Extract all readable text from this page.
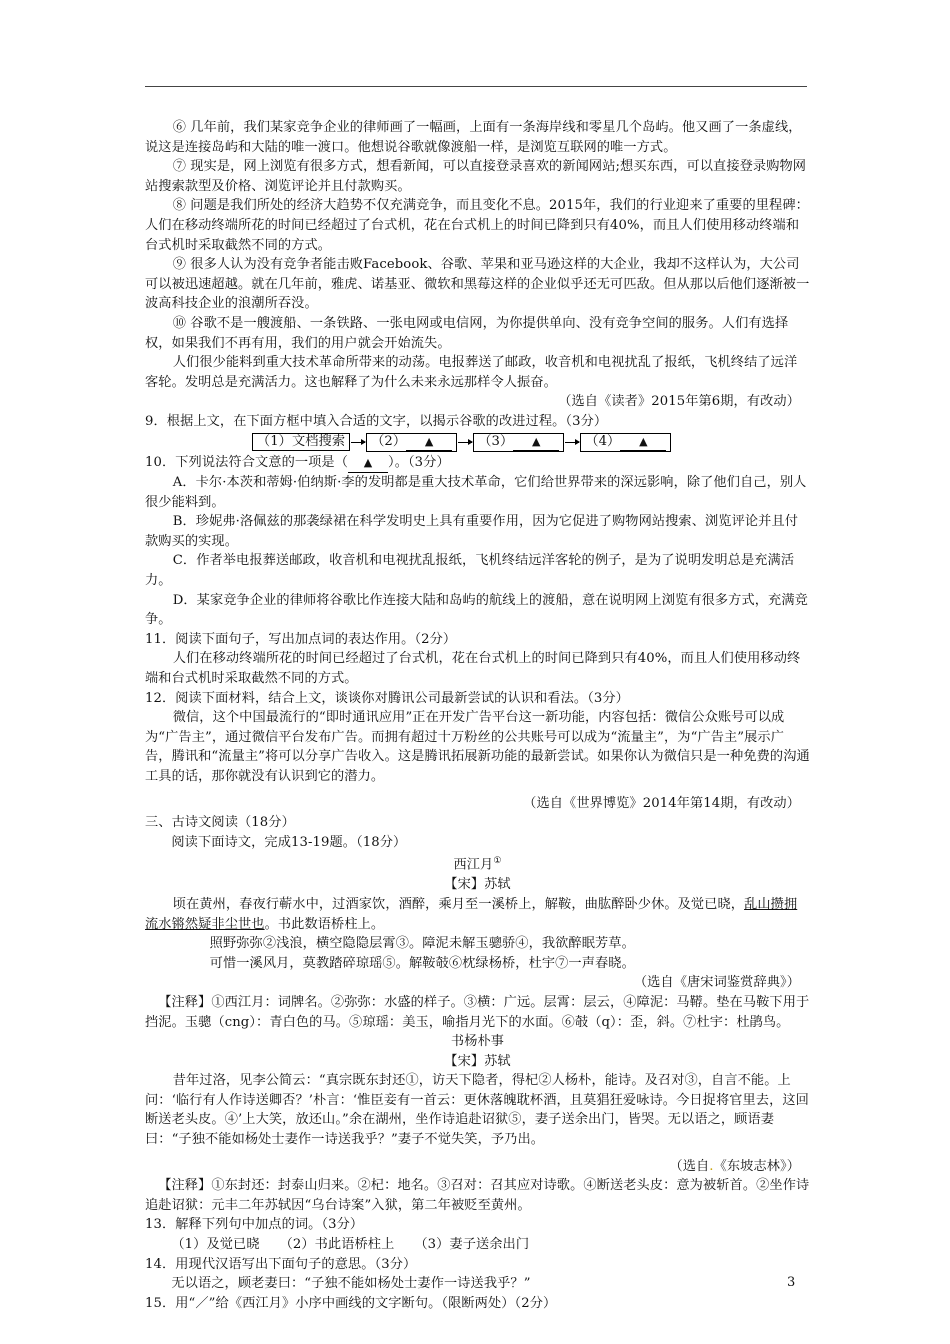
⑥ 几年前，我们某家竞争企业的律师画了一幅画，上面有一条海岸线和零星几个岛屿。他又画了一条虚线，说这是连接岛屿和大陆的唯一渡口。他想说谷歌就像渡船一样，是浏览互联网的唯一方式。

⑦ 现实是，网上浏览有很多方式，想看新闻，可以直接登录喜欢的新闻网站;想买东西，可以直接登录购物网站搜索款型及价格、浏览评论并且付款购买。

⑧ 问题是我们所处的经济大趋势不仅充满竞争，而且变化不息。2015年，我们的行业迎来了重要的里程碑：人们在移动终端所花的时间已经超过了台式机，花在台式机上的时间已降到只有40%，而且人们使用移动终端和台式机时采取截然不同的方式。

⑨ 很多人认为没有竞争者能击败Facebook、谷歌、苹果和亚马逊这样的大企业，我却不这样认为，大公司可以被迅速超越。就在几年前，雅虎、诺基亚、微软和黑莓这样的企业似乎还无可匹敌。但从那以后他们逐渐被一波高科技企业的浪潮所吞没。

⑩ 谷歌不是一艘渡船、一条铁路、一张电网或电信网，为你提供单向、没有竞争空间的服务。人们有选择权，如果我们不再有用，我们的用户就会开始流失。

人们很少能料到重大技术革命所带来的动荡。电报葬送了邮政，收音机和电视扰乱了报纸，飞机终结了远洋客轮。发明总是充满活力。这也解释了为什么未来永远那样令人振奋。

（选自《读者》2015年第6期，有改动）

9．根据上文，在下面方框中填入合适的文字，以揭示谷歌的改进过程。（3分）

（1）文档搜索	（2） ▲	（3） ▲	（4） ▲

10．下列说法符合文意的一项是（ ▲ ）。（3分）

A．卡尔·本茨和蒂姆·伯纳斯·李的发明都是重大技术革命，它们给世界带来的深远影响，除了他们自己，别人很少能料到。

B．珍妮弗·洛佩兹的那袭绿裙在科学发明史上具有重要作用，因为它促进了购物网站搜索、浏览评论并且付款购买的实现。

C．作者举电报葬送邮政，收音机和电视扰乱报纸，飞机终结远洋客轮的例子，是为了说明发明总是充满活力。

D．某家竞争企业的律师将谷歌比作连接大陆和岛屿的航线上的渡船，意在说明网上浏览有很多方式，充满竞争。

11．阅读下面句子，写出加点词的表达作用。（2分）

人们在移动终端所花的时间已经超过了台式机，花在台式机上的时间已降到只有40%，而且人们使用移动终端和台式机时采取截然不同的方式。

12．阅读下面材料，结合上文，谈谈你对腾讯公司最新尝试的认识和看法。（3分）

微信，这个中国最流行的“即时通讯应用”正在开发广告平台这一新功能，内容包括：微信公众账号可以成为“广告主”，通过微信平台发布广告。而拥有超过十万粉丝的公共账号可以成为“流量主”，为“广告主”展示广告，腾讯和“流量主”将可以分享广告收入。这是腾讯拓展新功能的最新尝试。如果你认为微信只是一种免费的沟通工具的话，那你就没有认识到它的潜力。

（选自《世界博览》2014年第14期，有改动）

三、古诗文阅读（18分）

阅读下面诗文，完成13-19题。（18分）

西江月①

【宋】苏轼

顷在黄州，春夜行蕲水中，过酒家饮，酒醉，乘月至一溪桥上，解鞍，曲肱醉卧少休。及觉已晓，乱山攒拥流水锵然疑非尘世也。书此数语桥柱上。

照野弥弥②浅浪，横空隐隐层霄③。障泥未解玉骢骄④，我欲醉眠芳草。

可惜一溪风月，莫教踏碎琼瑶⑤。解鞍攲⑥枕绿杨桥，杜宇⑦一声春晓。

（选自《唐宋词鉴赏辞典》）

【注释】①西江月：词牌名。②弥弥：水盛的样子。③横：广远。层霄：层云，④障泥：马鞯。垫在马鞍下用于挡泥。玉骢（cng）：青白色的马。⑤琼瑶：美玉，喻指月光下的水面。⑥攲（q）：歪，斜。⑦杜宇：杜鹃鸟。

书杨朴事

【宋】苏轼

昔年过洛，见李公简云：“真宗既东封还①，访天下隐者，得杞②人杨朴，能诗。及召对③，自言不能。上问：‘临行有人作诗送卿否？’朴言：‘惟臣妾有一首云：更休落魄耽杯酒，且莫猖狂爱咏诗。今日捉将官里去，这回断送老头皮。④’上大笑，放还山。”余在湖州，坐作诗追赴诏狱⑤，妻子送余出门，皆哭。无以语之，顾语妻曰：“子独不能如杨处士妻作一诗送我乎？”妻子不觉失笑，予乃出。

（选自.《东坡志林》）

【注释】①东封还：封泰山归来。②杞：地名。③召对：召其应对诗歌。④断送老头皮：意为被斩首。②坐作诗追赴诏狱：元丰二年苏轼因“乌台诗案”入狱，第二年被贬至黄州。

13．解释下列句中加点的词。（3分）

（1）及觉已晓　　（2）书此语桥柱上　　（3）妻子送余出门

14．用现代汉语写出下面句子的意思。（3分）

无以语之，顾老妻曰：“子独不能如杨处士妻作一诗送我乎？”

15．用“／”给《西江月》小序中画线的文字断句。（限断两处）（2分）

3
